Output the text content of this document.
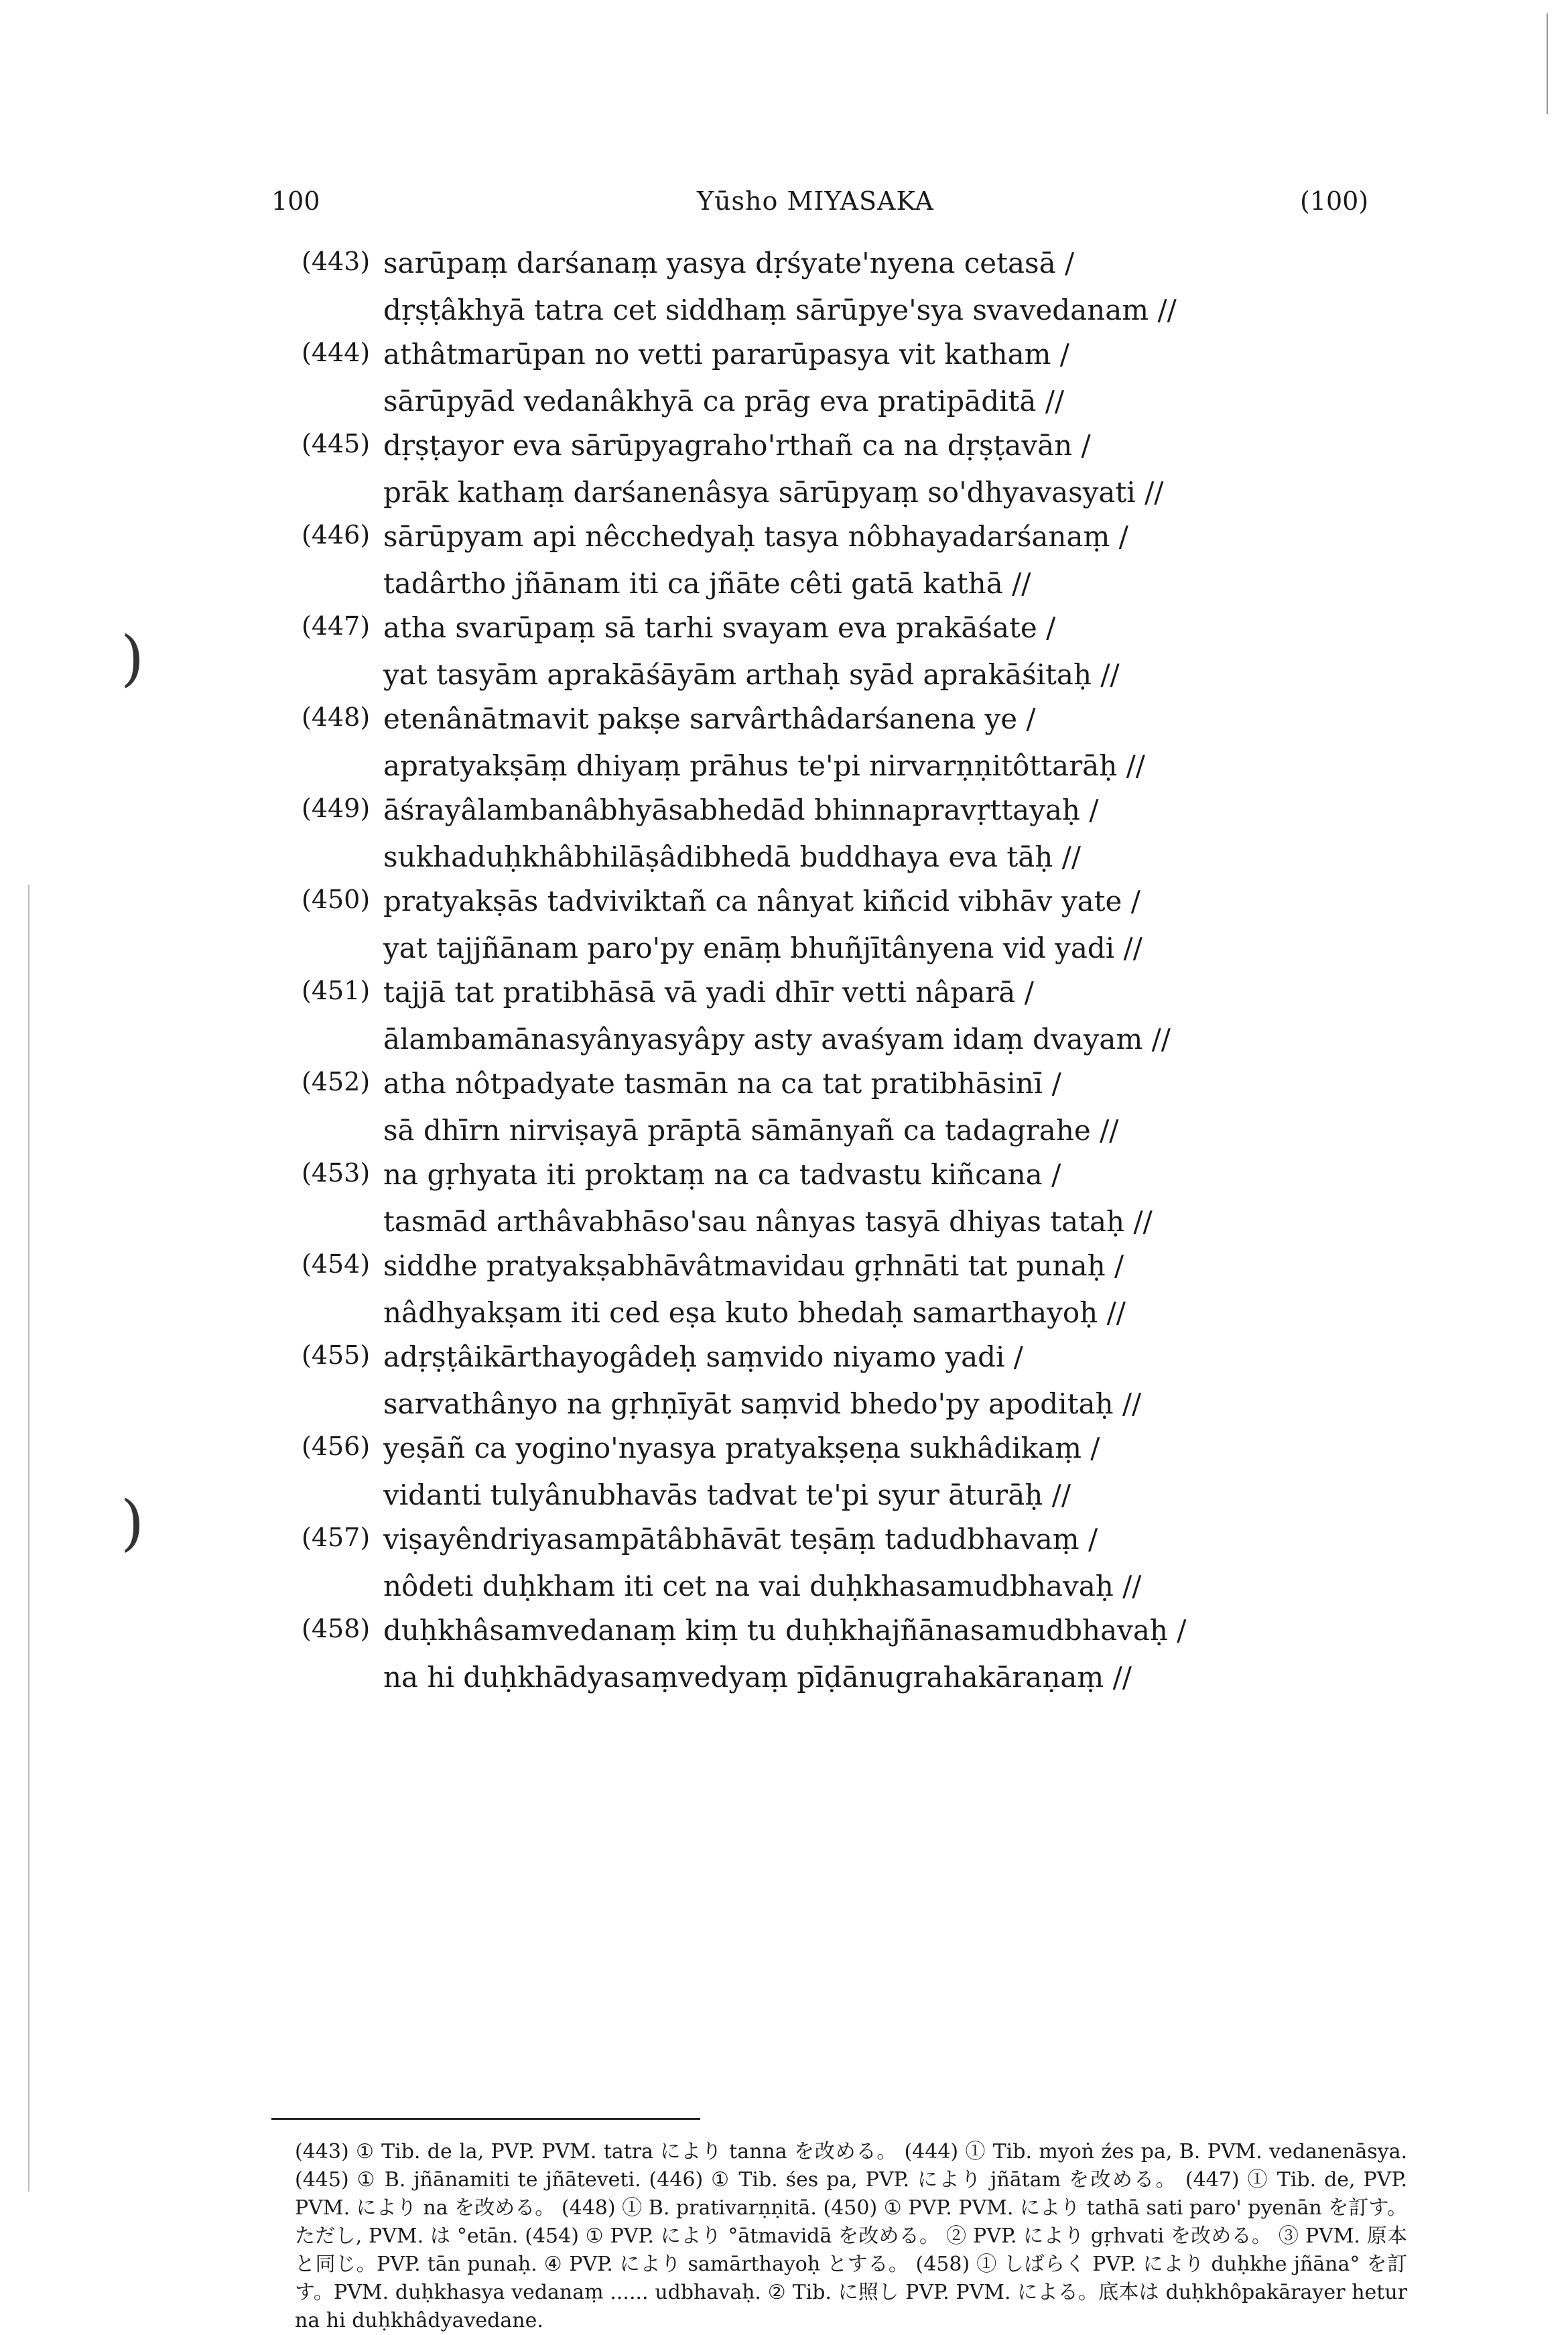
100	Yūsho MIYASAKA	(100)
)
)
(443) sarūpaṃ darśanaṃ yasya dṛśyate'nyena cetasā /
dṛṣṭâkhyā tatra cet siddhaṃ sārūpye'sya svavedanam //
(444) athâtmarūpan no vetti pararūpasya vit katham /
sārūpyād vedanâkhyā ca prāg eva pratipāditā //
(445) dṛṣṭayor eva sārūpyagraho'rthañ ca na dṛṣṭavān /
prāk kathaṃ darśanenâsya sārūpyaṃ so'dhyavasyati //
(446) sārūpyam api nêcchedyaḥ tasya nôbhayadarśanaṃ /
tadârtho jñānam iti ca jñāte cêti gatā kathā //
(447) atha svarūpaṃ sā tarhi svayam eva prakāśate /
yat tasyām aprakāśāyām arthaḥ syād aprakāśitaḥ //
(448) etenânātmavit pakṣe sarvârthâdarśanena ye /
apratyakṣāṃ dhiyaṃ prāhus te'pi nirvarṇṇitôttarāḥ //
(449) āśrayâlambanâbhyāsabhedād bhinnapravṛttayaḥ /
sukhaduḥkhâbhilāṣâdibhedā buddhaya eva tāḥ //
(450) pratyakṣās tadviviktañ ca nânyat kiñcid vibhāv yate /
yat tajjñānam paro'py enāṃ bhuñjītânyena vid yadi //
(451) tajjā tat pratibhāsā vā yadi dhīr vetti nâparā /
ālambamānasyânyasyâpy asty avaśyam idaṃ dvayam //
(452) atha nôtpadyate tasmān na ca tat pratibhāsinī /
sā dhīrn nirviṣayā prāptā sāmānyañ ca tadagrahe //
(453) na gṛhyata iti proktaṃ na ca tadvastu kiñcana /
tasmād arthâvabhāso'sau nânyas tasyā dhiyas tataḥ //
(454) siddhe pratyakṣabhāvâtmavidau gṛhnāti tat punaḥ /
nâdhyakṣam iti ced eṣa kuto bhedaḥ samarthayoḥ //
(455) adṛṣṭâikārthayogâdeḥ saṃvido niyamo yadi /
sarvathânyo na gṛhṇīyāt saṃvid bhedo'py apoditaḥ //
(456) yeṣāñ ca yogino'nyasya pratyakṣeṇa sukhâdikaṃ /
vidanti tulyânubhavās tadvat te'pi syur āturāḥ //
(457) viṣayêndriyasampātâbhāvāt teṣāṃ tadudbhavaṃ /
nôdeti duḥkham iti cet na vai duḥkhasamudbhavaḥ //
(458) duḥkhâsamvedanaṃ kiṃ tu duḥkhajñānasamudbhavaḥ /
na hi duḥkhādyasaṃvedyaṃ pīḍānugrahakāraṇaṃ //
(443) ① Tib. de la, PVP. PVM. tatra により tanna を改める。 (444) ① Tib. myoṅ źes pa, B. PVM. vedanenāsya. (445) ① B. jñānamiti te jñāteveti. (446) ① Tib. śes pa, PVP. により jñātam を改める。 (447) ① Tib. de, PVP. PVM. により na を改める。 (448) ① B. prativarṇṇitā. (450) ① PVP. PVM. により tathā sati paro' pyenān を訂す。ただし, PVM. は °etān. (454) ① PVP. により °ātmavidā を改める。 ② PVP. により gṛhvati を改める。 ③ PVM. 原本と同じ。PVP. tān punaḥ. ④ PVP. により samārthayoḥ とする。 (458) ① しばらく PVP. により duḥkhe jñāna° を訂す。PVM. duḥkhasya vedanaṃ ...... udbhavaḥ. ② Tib. に照し PVP. PVM. による。底本は duḥkhôpakārayer hetur na hi duḥkhâdyavedane.
